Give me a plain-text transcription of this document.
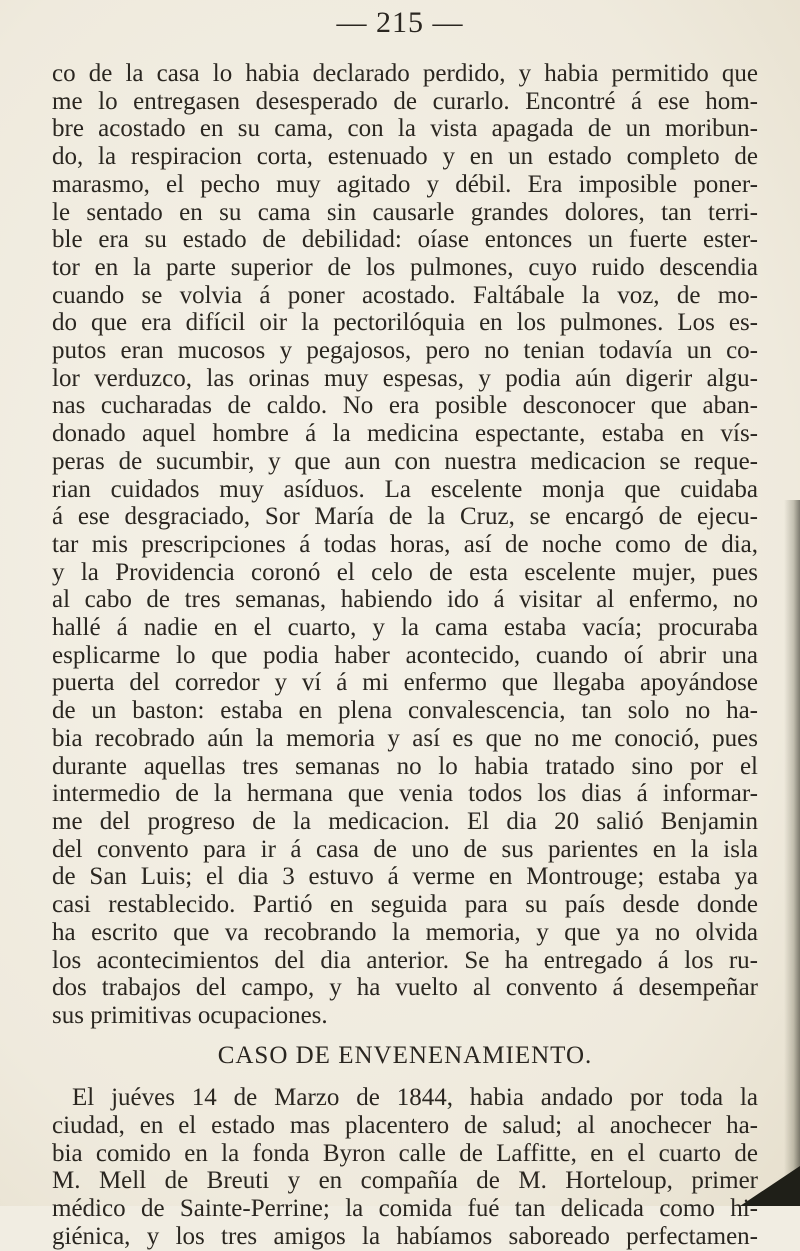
— 215 —
co de la casa lo habia declarado perdido, y habia permitido que
me lo entregasen desesperado de curarlo. Encontré á ese hom-
bre acostado en su cama, con la vista apagada de un moribun-
do, la respiracion corta, estenuado y en un estado completo de
marasmo, el pecho muy agitado y débil. Era imposible poner-
le sentado en su cama sin causarle grandes dolores, tan terri-
ble era su estado de debilidad: oíase entonces un fuerte ester-
tor en la parte superior de los pulmones, cuyo ruido descendia
cuando se volvia á poner acostado. Faltábale la voz, de mo-
do que era difícil oir la pectorilóquia en los pulmones. Los es-
putos eran mucosos y pegajosos, pero no tenian todavía un co-
lor verduzco, las orinas muy espesas, y podia aún digerir algu-
nas cucharadas de caldo. No era posible desconocer que aban-
donado aquel hombre á la medicina espectante, estaba en vís-
peras de sucumbir, y que aun con nuestra medicacion se reque-
rian cuidados muy asíduos. La escelente monja que cuidaba
á ese desgraciado, Sor María de la Cruz, se encargó de ejecu-
tar mis prescripciones á todas horas, así de noche como de dia,
y la Providencia coronó el celo de esta escelente mujer, pues
al cabo de tres semanas, habiendo ido á visitar al enfermo, no
hallé á nadie en el cuarto, y la cama estaba vacía; procuraba
esplicarme lo que podia haber acontecido, cuando oí abrir una
puerta del corredor y ví á mi enfermo que llegaba apoyándose
de un baston: estaba en plena convalescencia, tan solo no ha-
bia recobrado aún la memoria y así es que no me conoció, pues
durante aquellas tres semanas no lo habia tratado sino por el
intermedio de la hermana que venia todos los dias á informar-
me del progreso de la medicacion. El dia 20 salió Benjamin
del convento para ir á casa de uno de sus parientes en la isla
de San Luis; el dia 3 estuvo á verme en Montrouge; estaba ya
casi restablecido. Partió en seguida para su país desde donde
ha escrito que va recobrando la memoria, y que ya no olvida
los acontecimientos del dia anterior. Se ha entregado á los ru-
dos trabajos del campo, y ha vuelto al convento á desempeñar
sus primitivas ocupaciones.
CASO DE ENVENENAMIENTO.
El juéves 14 de Marzo de 1844, habia andado por toda la
ciudad, en el estado mas placentero de salud; al anochecer ha-
bia comido en la fonda Byron calle de Laffitte, en el cuarto de
M. Mell de Breuti y en compañía de M. Horteloup, primer
médico de Sainte-Perrine; la comida fué tan delicada como hi-
giénica, y los tres amigos la habíamos saboreado perfectamen-
